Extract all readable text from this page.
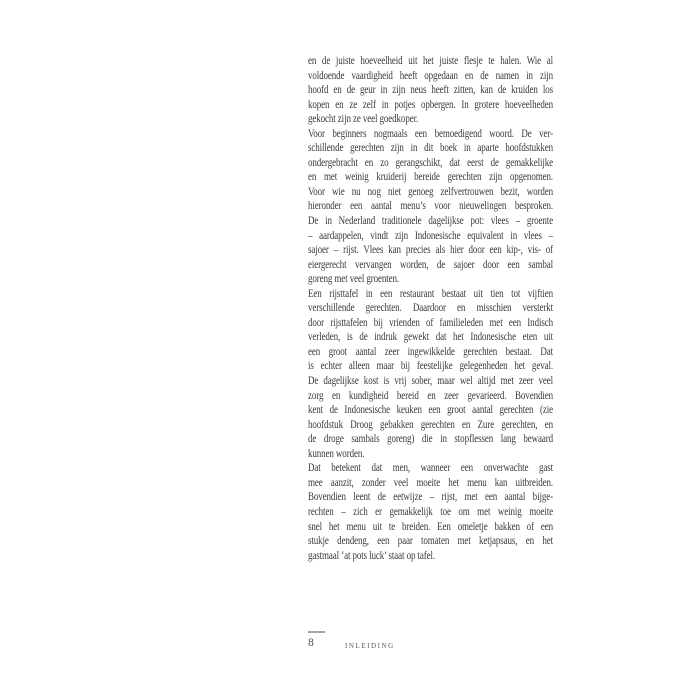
en de juiste hoeveelheid uit het juiste flesje te halen. Wie al
voldoende vaardigheid heeft opgedaan en de namen in zijn
hoofd en de geur in zijn neus heeft zitten, kan de kruiden los
kopen en ze zelf in potjes opbergen. In grotere hoeveelheden
gekocht zijn ze veel goedkoper.
Voor beginners nogmaals een bemoedigend woord. De ver-
schillende gerechten zijn in dit boek in aparte hoofdstukken
ondergebracht en zo gerangschikt, dat eerst de gemakkelijke
en met weinig kruiderij bereide gerechten zijn opgenomen.
Voor wie nu nog niet genoeg zelfvertrouwen bezit, worden
hieronder een aantal menu’s voor nieuwelingen besproken.
De in Nederland traditionele dagelijkse pot: vlees – groente
– aardappelen, vindt zijn Indonesische equivalent in vlees –
sajoer – rijst. Vlees kan precies als hier door een kip-, vis- of
eiergerecht vervangen worden, de sajoer door een sambal
goreng met veel groenten.
Een rijsttafel in een restaurant bestaat uit tien tot vijftien
verschillende gerechten. Daardoor en misschien versterkt
door rijsttafelen bij vrienden of familieleden met een Indisch
verleden, is de indruk gewekt dat het Indonesische eten uit
een groot aantal zeer ingewikkelde gerechten bestaat. Dat
is echter alleen maar bij feestelijke gelegenheden het geval.
De dagelijkse kost is vrij sober, maar wel altijd met zeer veel
zorg en kundigheid bereid en zeer gevarieerd. Bovendien
kent de Indonesische keuken een groot aantal gerechten (zie
hoofdstuk Droog gebakken gerechten en Zure gerechten, en
de droge sambals goreng) die in stopflessen lang bewaard
kunnen worden.
Dat betekent dat men, wanneer een onverwachte gast
mee aanzit, zonder veel moeite het menu kan uitbreiden.
Bovendien leent de eetwijze – rijst, met een aantal bijge-
rechten – zich er gemakkelijk toe om met weinig moeite
snel het menu uit te breiden. Een omeletje bakken of een
stukje dendeng, een paar tomaten met ketjapsaus, en het
gastmaal ‘at pots luck’ staat op tafel.
8	INLEIDING
